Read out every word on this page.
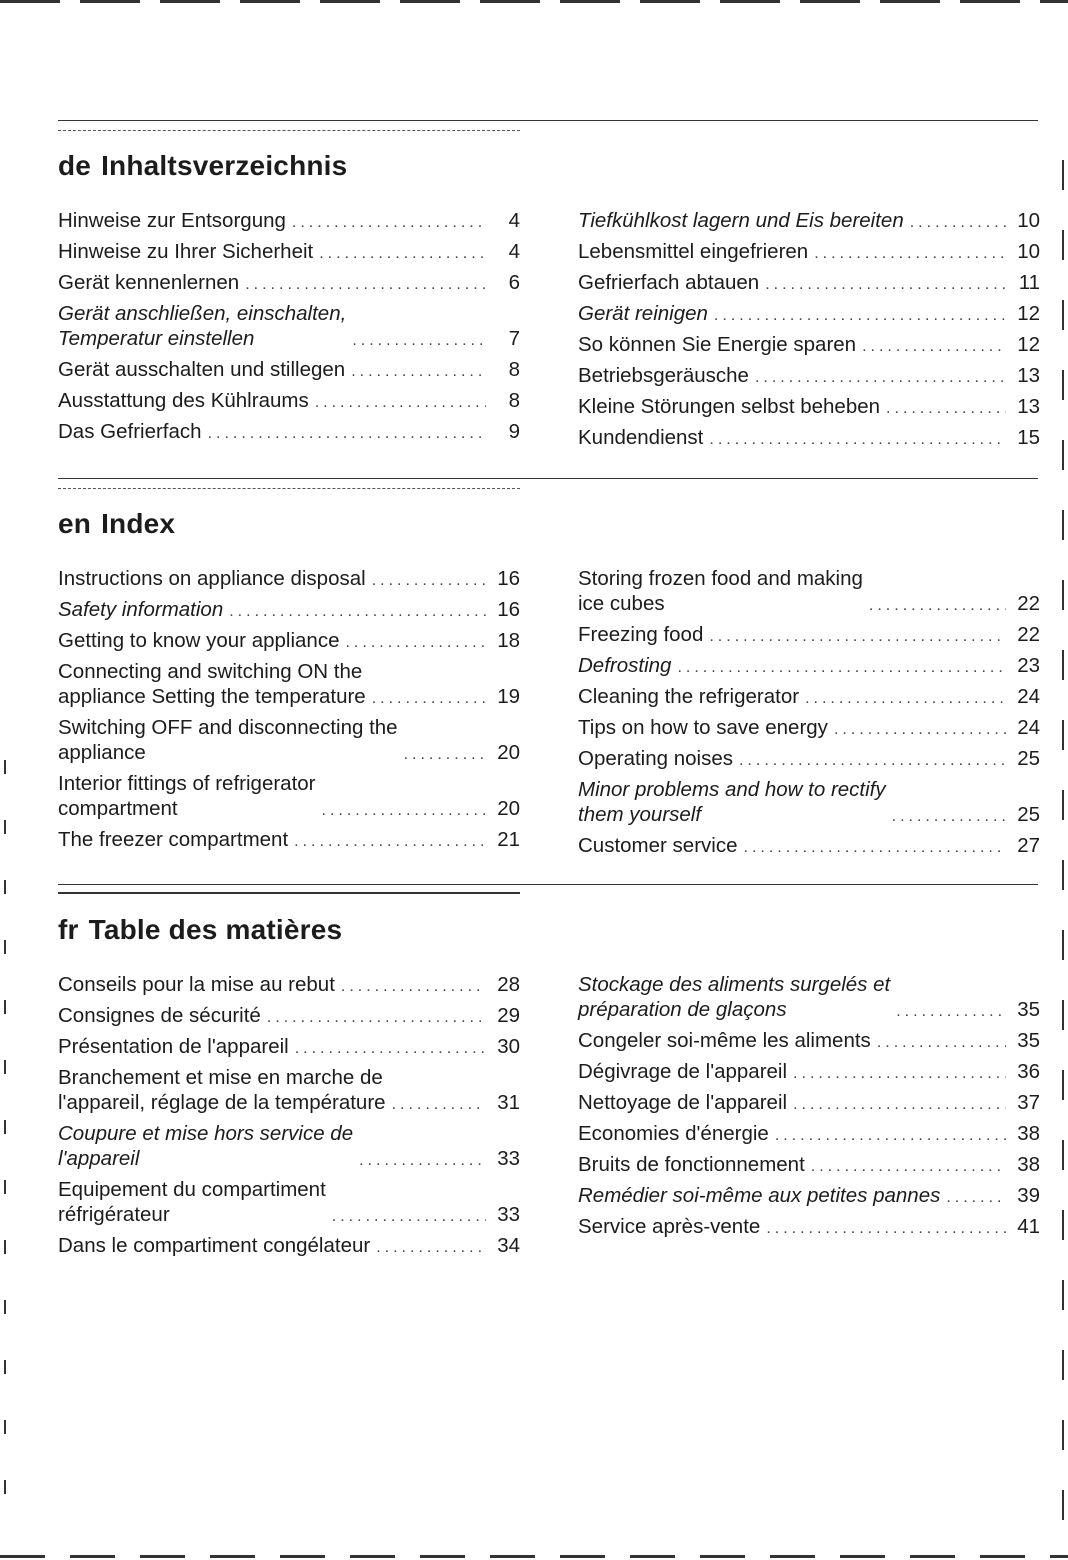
de Inhaltsverzeichnis
Hinweise zur Entsorgung .....	4
Hinweise zu Ihrer Sicherheit .....	4
Gerät kennenlernen .....	6
Gerät anschließen, einschalten,
Temperatur einstellen .....	7
Gerät ausschalten und stillegen .....	8
Ausstattung des Kühlraums .....	8
Das Gefrierfach .....	9
Tiefkühlkost lagern und Eis bereiten .....	10
Lebensmittel eingefrieren .....	10
Gefrierfach abtauen .....	11
Gerät reinigen .....	12
So können Sie Energie sparen .....	12
Betriebsgeräusche .....	13
Kleine Störungen selbst beheben .....	13
Kundendienst .....	15
en Index
Instructions on appliance disposal .....	16
Safety information .....	16
Getting to know your appliance .....	18
Connecting and switching ON the
appliance Setting the temperature .....	19
Switching OFF and disconnecting the
appliance .....	20
Interior fittings of refrigerator
compartment .....	20
The freezer compartment .....	21
Storing frozen food and making
ice cubes .....	22
Freezing food .....	22
Defrosting .....	23
Cleaning the refrigerator .....	24
Tips on how to save energy .....	24
Operating noises .....	25
Minor problems and how to rectify
them yourself .....	25
Customer service .....	27
fr Table des matières
Conseils pour la mise au rebut .....	28
Consignes de sécurité .....	29
Présentation de l'appareil .....	30
Branchement et mise en marche de
l'appareil, réglage de la température .....	31
Coupure et mise hors service de
l'appareil .....	33
Equipement du compartiment
réfrigérateur .....	33
Dans le compartiment congélateur .....	34
Stockage des aliments surgelés et
préparation de glaçons .....	35
Congeler soi-même les aliments .....	35
Dégivrage de l'appareil .....	36
Nettoyage de l'appareil .....	37
Economies d'énergie .....	38
Bruits de fonctionnement .....	38
Remédier soi-même aux petites pannes .....	39
Service après-vente .....	41
